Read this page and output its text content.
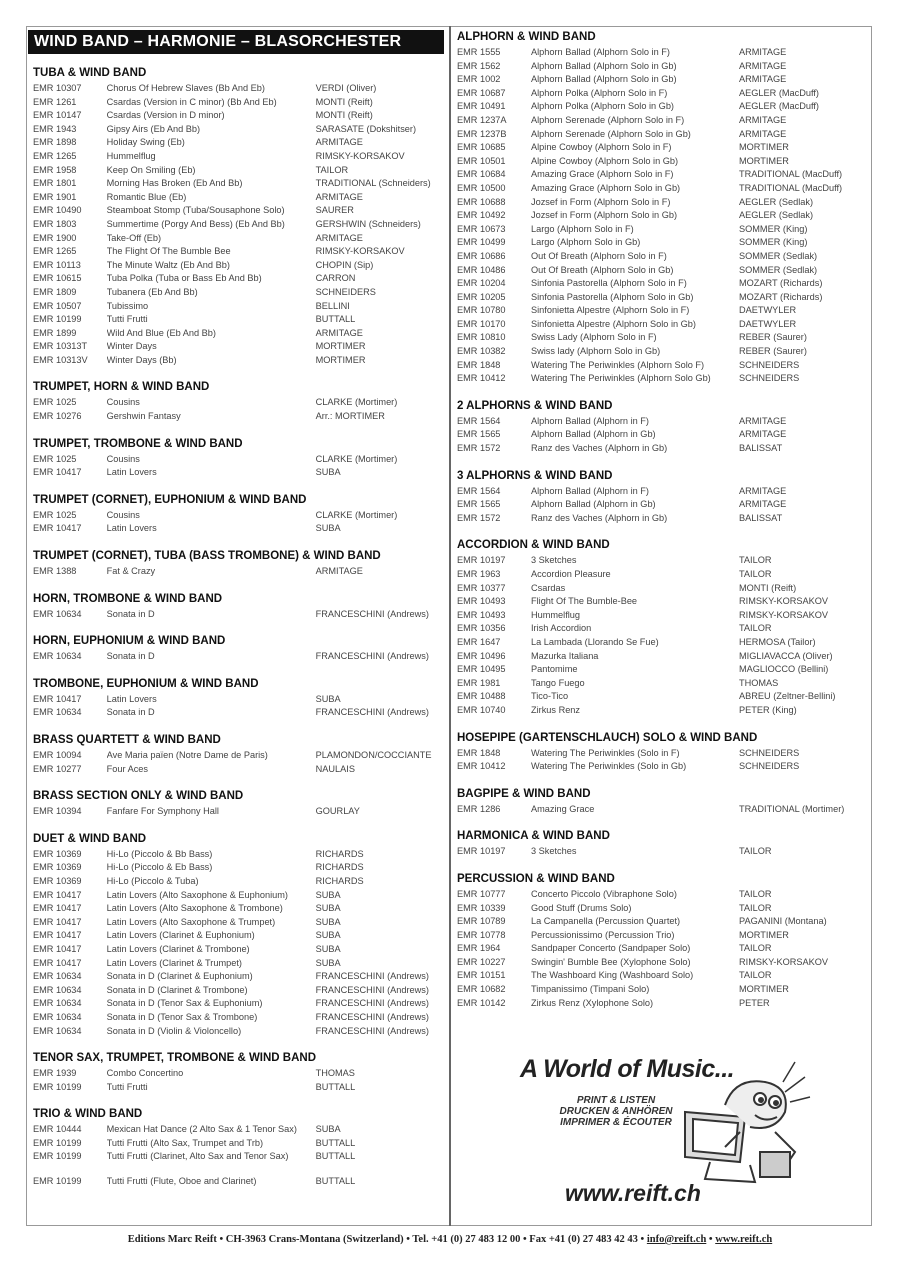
WIND BAND – HARMONIE – BLASORCHESTER
TUBA & WIND BAND
EMR 10307	Chorus Of Hebrew Slaves (Bb And Eb)	VERDI (Oliver)
EMR 1261	Csardas (Version in C minor) (Bb And Eb)	MONTI (Reift)
EMR 10147	Csardas (Version in D minor)	MONTI (Reift)
EMR 1943	Gipsy Airs (Eb And Bb)	SARASATE (Dokshitser)
EMR 1898	Holiday Swing (Eb)	ARMITAGE
EMR 1265	Hummelflug	RIMSKY-KORSAKOV
EMR 1958	Keep On Smiling (Eb)	TAILOR
EMR 1801	Morning Has Broken (Eb And Bb)	TRADITIONAL (Schneiders)
EMR 1901	Romantic Blue (Eb)	ARMITAGE
EMR 10490	Steamboat Stomp (Tuba/Sousaphone Solo)	SAURER
EMR 1803	Summertime (Porgy And Bess) (Eb And Bb)	GERSHWIN (Schneiders)
EMR 1900	Take-Off (Eb)	ARMITAGE
EMR 1265	The Flight Of The Bumble Bee	RIMSKY-KORSAKOV
EMR 10113	The Minute Waltz (Eb And Bb)	CHOPIN (Sip)
EMR 10615	Tuba Polka (Tuba or Bass Eb And Bb)	CARRON
EMR 1809	Tubanera (Eb And Bb)	SCHNEIDERS
EMR 10507	Tubissimo	BELLINI
EMR 10199	Tutti Frutti	BUTTALL
EMR 1899	Wild And Blue (Eb And Bb)	ARMITAGE
EMR 10313T	Winter Days	MORTIMER
EMR 10313V	Winter Days (Bb)	MORTIMER
TRUMPET, HORN & WIND BAND
EMR 1025	Cousins	CLARKE (Mortimer)
EMR 10276	Gershwin Fantasy	Arr.: MORTIMER
TRUMPET, TROMBONE & WIND BAND
EMR 1025	Cousins	CLARKE (Mortimer)
EMR 10417	Latin Lovers	SUBA
TRUMPET (CORNET), EUPHONIUM & WIND BAND
EMR 1025	Cousins	CLARKE (Mortimer)
EMR 10417	Latin Lovers	SUBA
TRUMPET (CORNET), TUBA (BASS TROMBONE) & WIND BAND
EMR 1388	Fat & Crazy	ARMITAGE
HORN, TROMBONE & WIND BAND
EMR 10634	Sonata in D	FRANCESCHINI (Andrews)
HORN, EUPHONIUM & WIND BAND
EMR 10634	Sonata in D	FRANCESCHINI (Andrews)
TROMBONE, EUPHONIUM & WIND BAND
EMR 10417	Latin Lovers	SUBA
EMR 10634	Sonata in D	FRANCESCHINI (Andrews)
BRASS QUARTETT & WIND BAND
EMR 10094	Ave Maria païen (Notre Dame de Paris)	PLAMONDON/COCCIANTE
EMR 10277	Four Aces	NAULAIS
BRASS SECTION ONLY & WIND BAND
EMR 10394	Fanfare For Symphony Hall	GOURLAY
DUET & WIND BAND
EMR 10369	Hi-Lo (Piccolo & Bb Bass)	RICHARDS
EMR 10369	Hi-Lo (Piccolo & Eb Bass)	RICHARDS
EMR 10369	Hi-Lo (Piccolo & Tuba)	RICHARDS
EMR 10417	Latin Lovers (Alto Saxophone & Euphonium)	SUBA
EMR 10417	Latin Lovers (Alto Saxophone & Trombone)	SUBA
EMR 10417	Latin Lovers (Alto Saxophone & Trumpet)	SUBA
EMR 10417	Latin Lovers (Clarinet & Euphonium)	SUBA
EMR 10417	Latin Lovers (Clarinet & Trombone)	SUBA
EMR 10417	Latin Lovers (Clarinet & Trumpet)	SUBA
EMR 10634	Sonata in D (Clarinet & Euphonium)	FRANCESCHINI (Andrews)
EMR 10634	Sonata in D (Clarinet & Trombone)	FRANCESCHINI (Andrews)
EMR 10634	Sonata in D (Tenor Sax & Euphonium)	FRANCESCHINI (Andrews)
EMR 10634	Sonata in D (Tenor Sax & Trombone)	FRANCESCHINI (Andrews)
EMR 10634	Sonata in D (Violin & Violoncello)	FRANCESCHINI (Andrews)
TENOR SAX, TRUMPET, TROMBONE & WIND BAND
EMR 1939	Combo Concertino	THOMAS
EMR 10199	Tutti Frutti	BUTTALL
TRIO & WIND BAND
EMR 10444	Mexican Hat Dance (2 Alto Sax & 1 Tenor Sax)	SUBA
EMR 10199	Tutti Frutti (Alto Sax, Trumpet and Trb)	BUTTALL
EMR 10199	Tutti Frutti (Clarinet, Alto Sax and Tenor Sax)	BUTTALL
EMR 10199	Tutti Frutti (Flute, Oboe and Clarinet)	BUTTALL
ALPHORN & WIND BAND
EMR 1555	Alphorn Ballad (Alphorn Solo in F)	ARMITAGE
EMR 1562	Alphorn Ballad (Alphorn Solo in Gb)	ARMITAGE
EMR 1002	Alphorn Ballad (Alphorn Solo in Gb)	ARMITAGE
EMR 10687	Alphorn Polka (Alphorn Solo in F)	AEGLER (MacDuff)
EMR 10491	Alphorn Polka (Alphorn Solo in Gb)	AEGLER (MacDuff)
EMR 1237A	Alphorn Serenade (Alphorn Solo in F)	ARMITAGE
EMR 1237B	Alphorn Serenade (Alphorn Solo in Gb)	ARMITAGE
EMR 10685	Alpine Cowboy (Alphorn Solo in F)	MORTIMER
EMR 10501	Alpine Cowboy (Alphorn Solo in Gb)	MORTIMER
EMR 10684	Amazing Grace (Alphorn Solo in F)	TRADITIONAL (MacDuff)
EMR 10500	Amazing Grace (Alphorn Solo in Gb)	TRADITIONAL (MacDuff)
EMR 10688	Jozsef in Form (Alphorn Solo in F)	AEGLER (Sedlak)
EMR 10492	Jozsef in Form (Alphorn Solo in Gb)	AEGLER (Sedlak)
EMR 10673	Largo (Alphorn Solo in F)	SOMMER (King)
EMR 10499	Largo (Alphorn Solo in Gb)	SOMMER (King)
EMR 10686	Out Of Breath (Alphorn Solo in F)	SOMMER (Sedlak)
EMR 10486	Out Of Breath (Alphorn Solo in Gb)	SOMMER (Sedlak)
EMR 10204	Sinfonia Pastorella (Alphorn Solo in F)	MOZART (Richards)
EMR 10205	Sinfonia Pastorella (Alphorn Solo in Gb)	MOZART (Richards)
EMR 10780	Sinfonietta Alpestre (Alphorn Solo in F)	DAETWYLER
EMR 10170	Sinfonietta Alpestre (Alphorn Solo in Gb)	DAETWYLER
EMR 10810	Swiss Lady (Alphorn Solo in F)	REBER (Saurer)
EMR 10382	Swiss lady (Alphorn Solo in Gb)	REBER (Saurer)
EMR 1848	Watering The Periwinkles (Alphorn Solo F)	SCHNEIDERS
EMR 10412	Watering The Periwinkles (Alphorn Solo Gb)	SCHNEIDERS
2 ALPHORNS & WIND BAND
EMR 1564	Alphorn Ballad (Alphorn in F)	ARMITAGE
EMR 1565	Alphorn Ballad (Alphorn in Gb)	ARMITAGE
EMR 1572	Ranz des Vaches (Alphorn in Gb)	BALISSAT
3 ALPHORNS & WIND BAND
EMR 1564	Alphorn Ballad (Alphorn in F)	ARMITAGE
EMR 1565	Alphorn Ballad (Alphorn in Gb)	ARMITAGE
EMR 1572	Ranz des Vaches (Alphorn in Gb)	BALISSAT
ACCORDION & WIND BAND
EMR 10197	3 Sketches	TAILOR
EMR 1963	Accordion Pleasure	TAILOR
EMR 10377	Csardas	MONTI (Reift)
EMR 10493	Flight Of The Bumble-Bee	RIMSKY-KORSAKOV
EMR 10493	Hummelflug	RIMSKY-KORSAKOV
EMR 10356	Irish Accordion	TAILOR
EMR 1647	La Lambada (Llorando Se Fue)	HERMOSA (Tailor)
EMR 10496	Mazurka Italiana	MIGLIAVACCA (Oliver)
EMR 10495	Pantomime	MAGLIOCCO (Bellini)
EMR 1981	Tango Fuego	THOMAS
EMR 10488	Tico-Tico	ABREU (Zeltner-Bellini)
EMR 10740	Zirkus Renz	PETER (King)
HOSEPIPE (GARTENSCHLAUCH) SOLO & WIND BAND
EMR 1848	Watering The Periwinkles (Solo in F)	SCHNEIDERS
EMR 10412	Watering The Periwinkles (Solo in Gb)	SCHNEIDERS
BAGPIPE & WIND BAND
EMR 1286	Amazing Grace	TRADITIONAL (Mortimer)
HARMONICA & WIND BAND
EMR 10197	3 Sketches	TAILOR
PERCUSSION & WIND BAND
EMR 10777	Concerto Piccolo (Vibraphone Solo)	TAILOR
EMR 10339	Good Stuff (Drums Solo)	TAILOR
EMR 10789	La Campanella (Percussion Quartet)	PAGANINI (Montana)
EMR 10778	Percussionissimo (Percussion Trio)	MORTIMER
EMR 1964	Sandpaper Concerto (Sandpaper Solo)	TAILOR
EMR 10227	Swingin' Bumble Bee (Xylophone Solo)	RIMSKY-KORSAKOV
EMR 10151	The Washboard King (Washboard Solo)	TAILOR
EMR 10682	Timpanissimo (Timpani Solo)	MORTIMER
EMR 10142	Zirkus Renz (Xylophone Solo)	PETER
A World of Music...
PRINT & LISTEN
DRUCKEN & ANHÖREN
IMPRIMER & ÉCOUTER
www.reift.ch
Editions Marc Reift • CH-3963 Crans-Montana (Switzerland) • Tel. +41 (0) 27 483 12 00 • Fax +41 (0) 27 483 42 43 • info@reift.ch • www.reift.ch
